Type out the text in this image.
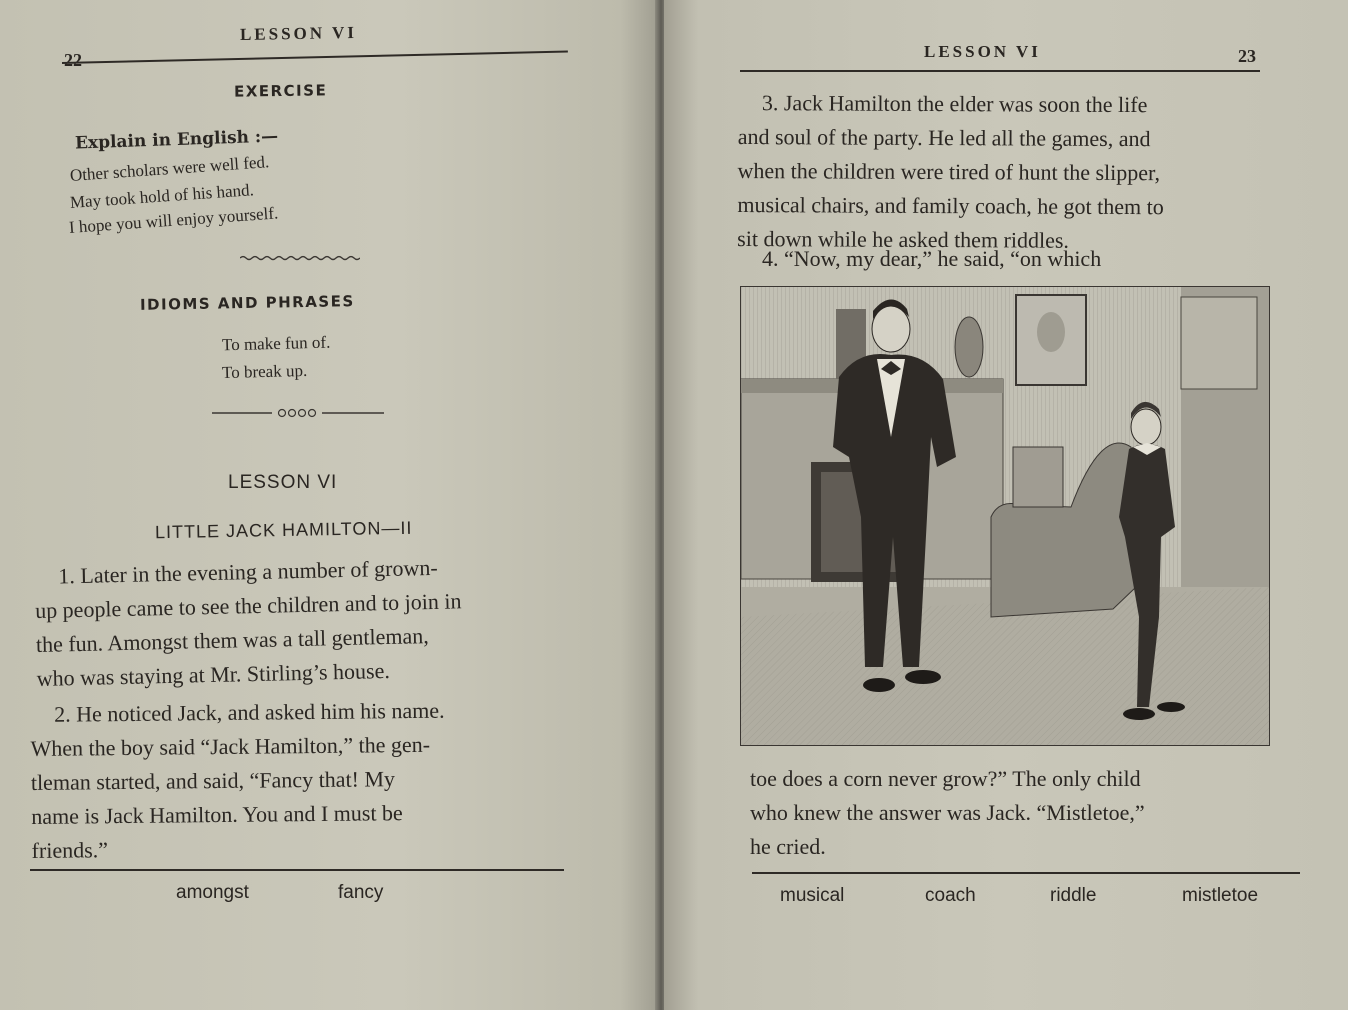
22
LESSON VI
EXERCISE
Explain in English :—
Other scholars were well fed.
May took hold of his hand.
I hope you will enjoy yourself.
IDIOMS AND PHRASES
To make fun of.
To break up.
LESSON VI
LITTLE JACK HAMILTON—II
1. Later in the evening a number of grown-
up people came to see the children and to join in
the fun. Amongst them was a tall gentleman,
who was staying at Mr. Stirling’s house.
2. He noticed Jack, and asked him his name.
When the boy said “Jack Hamilton,” the gen-
tleman started, and said, “Fancy that! My
name is Jack Hamilton. You and I must be
friends.”
amongst	fancy
LESSON VI	23
3. Jack Hamilton the elder was soon the life
and soul of the party. He led all the games, and
when the children were tired of hunt the slipper,
musical chairs, and family coach, he got them to
sit down while he asked them riddles.
4. “Now, my dear,” he said, “on which
toe does a corn never grow?” The only child
who knew the answer was Jack. “Mistletoe,”
he cried.
musical	coach	riddle	mistletoe
